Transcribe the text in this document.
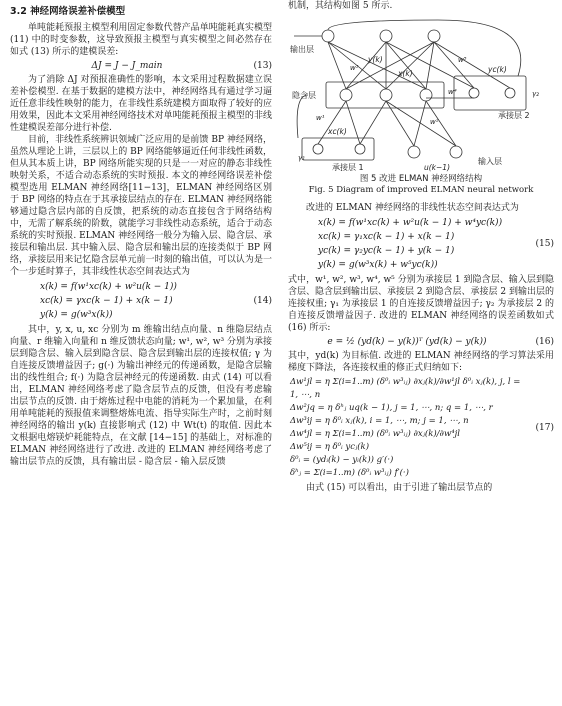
3.2 神经网络误差补偿模型

单吨能耗预报主模型利用固定参数代替产品单吨能耗真实模型 (11) 中的时变参数，这导致预报主模型与真实模型之间必然存在如式 (13) 所示的建模误差:

ΔJ = J − J_main	(13)

为了消除 ΔJ 对预报准确性的影响，本文采用过程数据建立误差补偿模型. 在基于数据的建模方法中，神经网络具有通过学习逼近任意非线性映射的能力，在非线性系统建模方面取得了较好的应用效果，因此本文采用神经网络技术对单吨能耗预报主模型的非线性建模误差部分进行补偿.

目前，非线性系统辨识领域广泛应用的是前馈 BP 神经网络，虽然从理论上讲，三层以上的 BP 网络能够逼近任何非线性函数，但从其本质上讲，BP 网络所能实现的只是一一对应的静态非线性映射关系，不适合动态系统的实时预报. 本文的神经网络误差补偿模型选用 ELMAN 神经网络[11−13]，ELMAN 神经网络区别于 BP 网络的特点在于其承接层结点的存在. ELMAN 神经网络能够通过隐含层内部的自反馈，把系统的动态直接包含于网络结构中，无需了解系统的阶数，就能学习非线性动态系统，适合于动态系统的实时预报. ELMAN 神经网络一般分为输入层、隐含层、承接层和输出层. 其中输入层、隐含层和输出层的连接类似于 BP 网络，承接层用来记忆隐含层单元前一时刻的输出值，可以认为是一个一步延时算子，其非线性状态空间表达式为

x(k) = f(w¹xc(k) + w²u(k − 1))
xc(k) = γxc(k − 1) + x(k − 1)
y(k) = g(w³x(k))
(14)

其中，y, x, u, xc 分别为 m 维输出结点向量、n 维隐层结点向量、r 维输入向量和 n 维反馈状态向量; w¹, w², w³ 分别为承接层到隐含层、输入层到隐含层、隐含层到输出层的连接权值; γ 为自连接反馈增益因子; g(·) 为输出神经元的传递函数，是隐含层输出的线性组合; f(·) 为隐含层神经元的传递函数. 由式 (14) 可以看出，ELMAN 神经网络考虑了隐含层节点的反馈，但没有考虑输出层节点的反馈. 由于熔炼过程中电能的消耗为一个累加量，在利用单吨能耗的预报值来调整熔炼电流、指导实际生产时，之前时刻神经网络的输出 y(k) 直接影响式 (12) 中 Wt(t) 的取值. 因此本文根据电熔镁炉耗能特点，在文献 [14−15] 的基础上，对标准的 ELMAN 神经网络进行了改进. 改进的 ELMAN 神经网络考虑了输出层节点的反馈，具有输出层 - 隐含层 - 输入层反馈

机制，其结构如图 5 所示.

输出层
隐含层
承接层 1
承接层 2
输入层
y(k)
x(k)	yc(k)
xc(k)
u(k−1)
w¹	w²
w³
w⁴
w⁵
γ₁
γ₂
图 5 改进 ELMAN 神经网络结构
Fig. 5 Diagram of improved ELMAN neural network

改进的 ELMAN 神经网络的非线性状态空间表达式为

x(k) = f(w¹xc(k) + w²u(k − 1) + w⁴yc(k))
xc(k) = γ₁xc(k − 1) + x(k − 1)
yc(k) = γ₂yc(k − 1) + y(k − 1)
y(k) = g(w³x(k) + w⁵yc(k))
(15)

式中，w¹, w², w³, w⁴, w⁵ 分别为承接层 1 到隐含层、输入层到隐含层、隐含层到输出层、承接层 2 到隐含层、承接层 2 到输出层的连接权重; γ₁ 为承接层 1 的自连接反馈增益因子; γ₂ 为承接层 2 的自连接反馈增益因子. 改进的 ELMAN 神经网络的误差函数如式 (16) 所示:

e = ½ (yd(k) − y(k))ᵀ (yd(k) − y(k))	(16)

其中，yd(k) 为目标值. 改进的 ELMAN 神经网络的学习算法采用梯度下降法，各连接权重的修正式归纳如下:

Δw¹jl = η Σ(i=1..m) (δ⁰ᵢ w³ᵢⱼ) ∂xⱼ(k)/∂w¹jl δ⁰ᵢ xⱼ(k), j, l = 1, ⋯, n
Δw²jq = η δʰⱼ uq(k − 1), j = 1, ⋯, n; q = 1, ⋯, r
Δw³ij = η δ⁰ᵢ xⱼ(k), i = 1, ⋯, m; j = 1, ⋯, n
Δw⁴jl = η Σ(i=1..m) (δ⁰ᵢ w³ᵢⱼ) ∂xⱼ(k)/∂w⁴jl
Δw⁵ij = η δ⁰ᵢ ycⱼ(k)
δ⁰ᵢ = (ydᵢ(k) − yᵢ(k)) g′(·)
δʰⱼ = Σ(i=1..m) (δ⁰ᵢ w³ᵢⱼ) f′(·)
(17)

由式 (15) 可以看出，由于引进了输出层节点的
